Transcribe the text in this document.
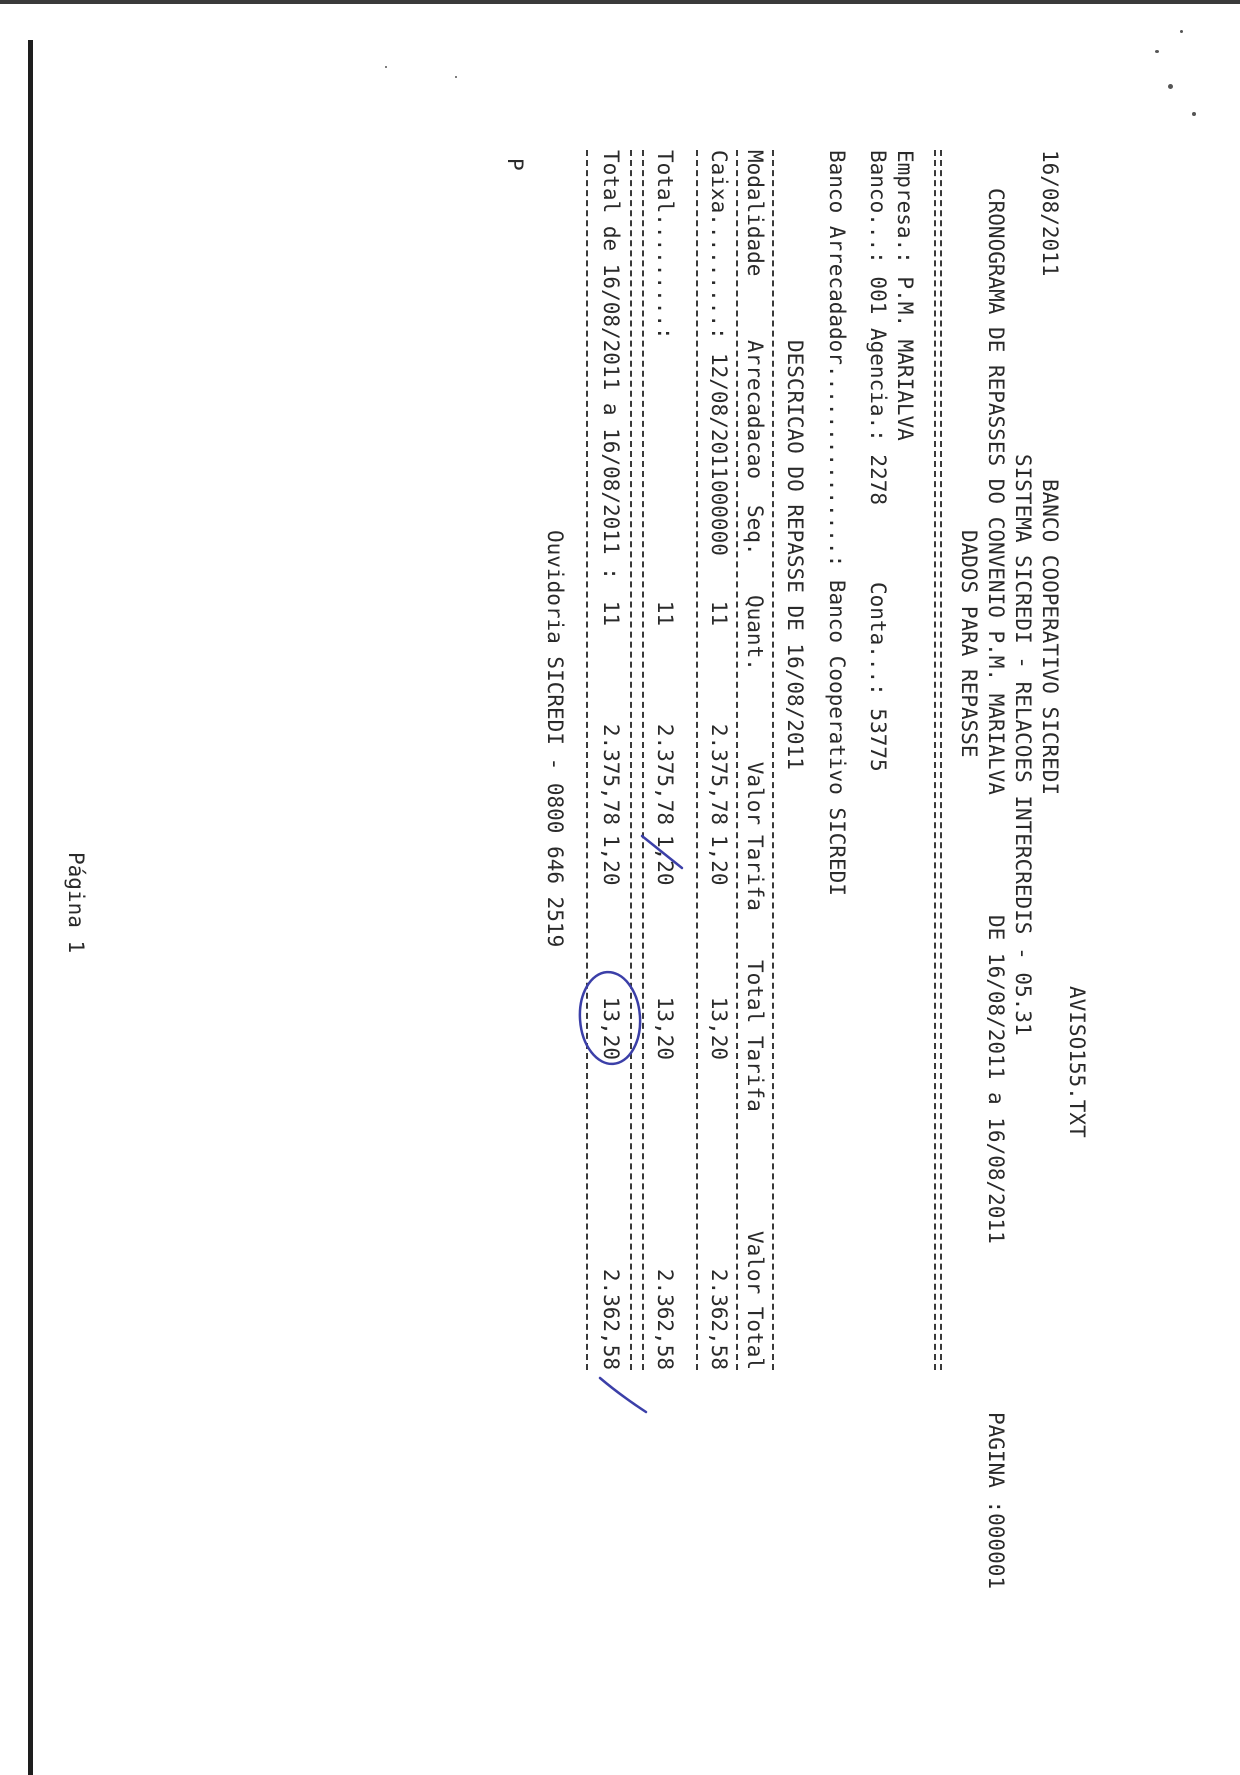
AVISO155.TXT

16/08/2011

BANCO COOPERATIVO SICREDI

SISTEMA SICREDI - RELACOES INTERCREDIS - 05.31

CRONOGRAMA DE REPASSES DO CONVENIO P.M. MARIALVA

DE 16/08/2011 a 16/08/2011

PAGINA :000001

DADOS PARA REPASSE

Empresa.: P.M. MARIALVA

Banco...: 001

Agencia.: 2278

Conta...: 53775

Banco Arrecadador...............: Banco Cooperativo SICREDI

DESCRICAO DO REPASSE DE 16/08/2011

Modalidade

Arrecadacao

Seq.

Quant.

Valor

Tarifa

Total Tarifa

Valor Total

Caixa.........:

12/08/2011

000000

11

2.375,78

1,20

13,20

2.362,58

Total.........:

11

2.375,78

1,20

13,20

2.362,58

Total de 16/08/2011 a 16/08/2011 :

11

2.375,78

1,20

13,20

2.362,58

Ouvidoria SICREDI - 0800 646 2519

P

Página 1
